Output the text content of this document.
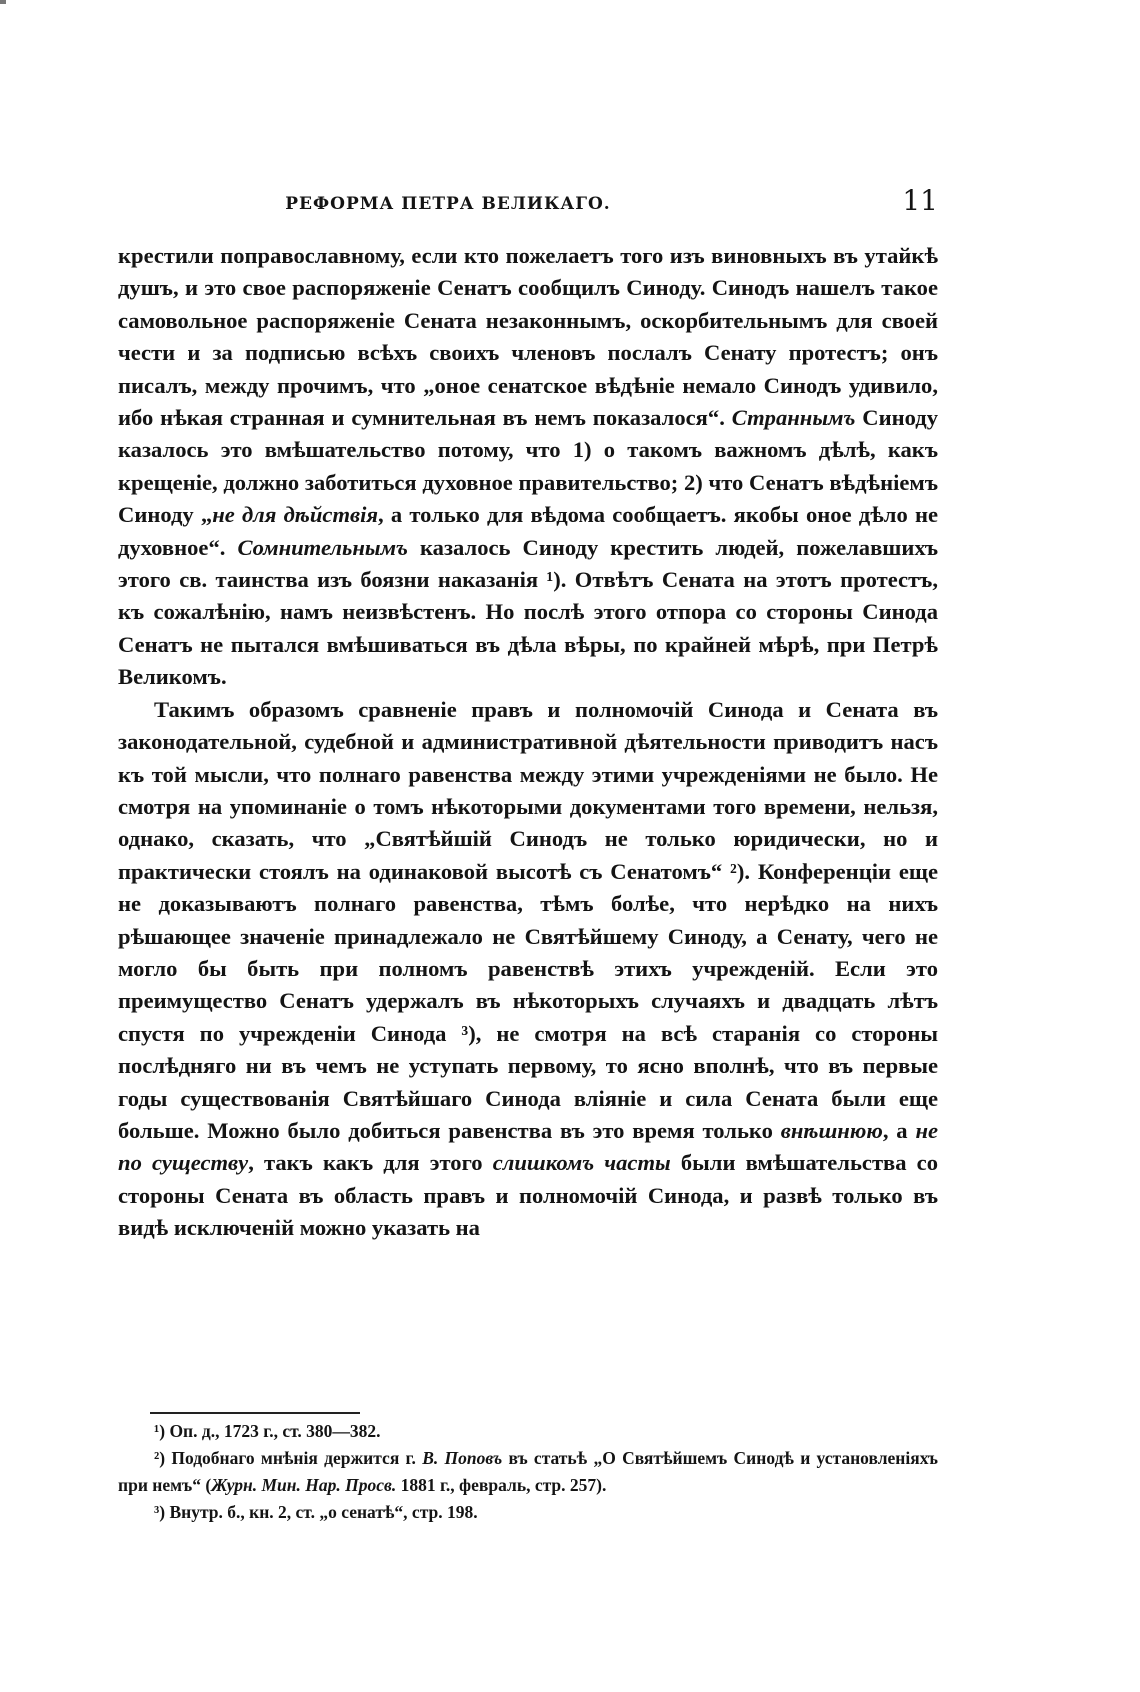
РЕФОРМА ПЕТРА ВЕЛИКАГО.	11

крестили поправославному, если кто пожелаетъ того изъ виновныхъ въ утайкѣ душъ, и это свое распоряженіе Сенатъ сообщилъ Синоду. Синодъ нашелъ такое самовольное распоряженіе Сената незаконнымъ, оскорбительнымъ для своей чести и за подписью всѣхъ своихъ членовъ послалъ Сенату протестъ; онъ писалъ, между прочимъ, что „оное сенатское вѣдѣніе немало Синодъ удивило, ибо нѣкая странная и сумнительная въ немъ показалося“. Страннымъ Синоду казалось это вмѣшательство потому, что 1) о такомъ важномъ дѣлѣ, какъ крещеніе, должно заботиться духовное правительство; 2) что Сенатъ вѣдѣніемъ Синоду „не для дѣйствія, а только для вѣдома сообщаетъ. якобы оное дѣло не духовное“. Сомнительнымъ казалось Синоду крестить людей, пожелавшихъ этого св. таинства изъ боязни наказанія ¹). Отвѣтъ Сената на этотъ протестъ, къ сожалѣнію, намъ неизвѣстенъ. Но послѣ этого отпора со стороны Синода Сенатъ не пытался вмѣшиваться въ дѣла вѣры, по крайней мѣрѣ, при Петрѣ Великомъ.

Такимъ образомъ сравненіе правъ и полномочій Синода и Сената въ законодательной, судебной и административной дѣятельности приводитъ насъ къ той мысли, что полнаго равенства между этими учрежденіями не было. Не смотря на упоминаніе о томъ нѣкоторыми документами того времени, нельзя, однако, сказать, что „Святѣйшій Синодъ не только юридически, но и практически стоялъ на одинаковой высотѣ съ Сенатомъ“ ²). Конференціи еще не доказываютъ полнаго равенства, тѣмъ болѣе, что нерѣдко на нихъ рѣшающее значеніе принадлежало не Святѣйшему Синоду, а Сенату, чего не могло бы быть при полномъ равенствѣ этихъ учрежденій. Если это преимущество Сенатъ удержалъ въ нѣкоторыхъ случаяхъ и двадцать лѣтъ спустя по учрежденіи Синода ³), не смотря на всѣ старанія со стороны послѣдняго ни въ чемъ не уступать первому, то ясно вполнѣ, что въ первые годы существованія Святѣйшаго Синода вліяніе и сила Сената были еще больше. Можно было добиться равенства въ это время только внѣшнюю, а не по существу, такъ какъ для этого слишкомъ часты были вмѣшательства со стороны Сената въ область правъ и полномочій Синода, и развѣ только въ видѣ исключеній можно указать на

¹) Оп. д., 1723 г., ст. 380—382.

²) Подобнаго мнѣнія держится г. В. Поповъ въ статьѣ „О Святѣйшемъ Синодѣ и установленіяхъ при немъ“ (Журн. Мин. Нар. Просв. 1881 г., февраль, стр. 257).

³) Внутр. б., кн. 2, ст. „о сенатѣ“, стр. 198.
